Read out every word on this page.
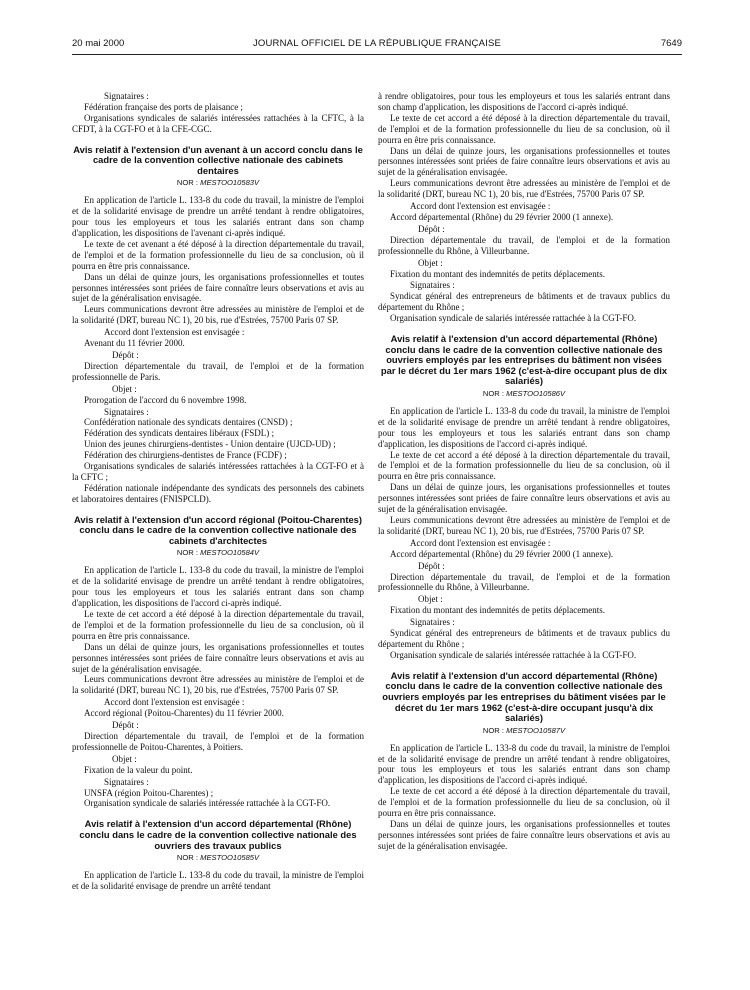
20 mai 2000	JOURNAL OFFICIEL DE LA RÉPUBLIQUE FRANÇAISE	7649
Signataires :

Fédération française des ports de plaisance ;

Organisations syndicales de salariés intéressées rattachées à la CFTC, à la CFDT, à la CGT-FO et à la CFE-CGC.

Avis relatif à l'extension d'un avenant à un accord conclu dans le cadre de la convention collective nationale des cabinets dentaires
NOR : MESTOO10583V

En application de l'article L. 133-8 du code du travail, la ministre de l'emploi et de la solidarité envisage de prendre un arrêté tendant à rendre obligatoires, pour tous les employeurs et tous les salariés entrant dans son champ d'application, les dispositions de l'avenant ci-après indiqué.

Le texte de cet avenant a été déposé à la direction départementale du travail, de l'emploi et de la formation professionnelle du lieu de sa conclusion, où il pourra en être pris connaissance.

Dans un délai de quinze jours, les organisations professionnelles et toutes personnes intéressées sont priées de faire connaître leurs observations et avis au sujet de la généralisation envisagée.

Leurs communications devront être adressées au ministère de l'emploi et de la solidarité (DRT, bureau NC 1), 20 bis, rue d'Estrées, 75700 Paris 07 SP.

Accord dont l'extension est envisagée :

Avenant du 11 février 2000.

Dépôt :

Direction départementale du travail, de l'emploi et de la formation professionnelle de Paris.

Objet :

Prorogation de l'accord du 6 novembre 1998.

Signataires :

Confédération nationale des syndicats dentaires (CNSD) ;

Fédération des syndicats dentaires libéraux (FSDL) ;

Union des jeunes chirurgiens-dentistes - Union dentaire (UJCD-UD) ;

Fédération des chirurgiens-dentistes de France (FCDF) ;

Organisations syndicales de salariés intéressées rattachées à la CGT-FO et à la CFTC ;

Fédération nationale indépendante des syndicats des personnels des cabinets et laboratoires dentaires (FNISPCLD).

Avis relatif à l'extension d'un accord régional (Poitou-Charentes) conclu dans le cadre de la convention collective nationale des cabinets d'architectes
NOR : MESTOO10584V

En application de l'article L. 133-8 du code du travail, la ministre de l'emploi et de la solidarité envisage de prendre un arrêté tendant à rendre obligatoires, pour tous les employeurs et tous les salariés entrant dans son champ d'application, les dispositions de l'accord ci-après indiqué.

Le texte de cet accord a été déposé à la direction départementale du travail, de l'emploi et de la formation professionnelle du lieu de sa conclusion, où il pourra en être pris connaissance.

Dans un délai de quinze jours, les organisations professionnelles et toutes personnes intéressées sont priées de faire connaître leurs observations et avis au sujet de la généralisation envisagée.

Leurs communications devront être adressées au ministère de l'emploi et de la solidarité (DRT, bureau NC 1), 20 bis, rue d'Estrées, 75700 Paris 07 SP.

Accord dont l'extension est envisagée :

Accord régional (Poitou-Charentes) du 11 février 2000.

Dépôt :

Direction départementale du travail, de l'emploi et de la formation professionnelle de Poitou-Charentes, à Poitiers.

Objet :

Fixation de la valeur du point.

Signataires :

UNSFA (région Poitou-Charentes) ;

Organisation syndicale de salariés intéressée rattachée à la CGT-FO.

Avis relatif à l'extension d'un accord départemental (Rhône) conclu dans le cadre de la convention collective nationale des ouvriers des travaux publics
NOR : MESTOO10585V

En application de l'article L. 133-8 du code du travail, la ministre de l'emploi et de la solidarité envisage de prendre un arrêté tendant

à rendre obligatoires, pour tous les employeurs et tous les salariés entrant dans son champ d'application, les dispositions de l'accord ci-après indiqué.

Le texte de cet accord a été déposé à la direction départementale du travail, de l'emploi et de la formation professionnelle du lieu de sa conclusion, où il pourra en être pris connaissance.

Dans un délai de quinze jours, les organisations professionnelles et toutes personnes intéressées sont priées de faire connaître leurs observations et avis au sujet de la généralisation envisagée.

Leurs communications devront être adressées au ministère de l'emploi et de la solidarité (DRT, bureau NC 1), 20 bis, rue d'Estrées, 75700 Paris 07 SP.

Accord dont l'extension est envisagée :

Accord départemental (Rhône) du 29 février 2000 (1 annexe).

Dépôt :

Direction départementale du travail, de l'emploi et de la formation professionnelle du Rhône, à Villeurbanne.

Objet :

Fixation du montant des indemnités de petits déplacements.

Signataires :

Syndicat général des entrepreneurs de bâtiments et de travaux publics du département du Rhône ;

Organisation syndicale de salariés intéressée rattachée à la CGT-FO.

Avis relatif à l'extension d'un accord départemental (Rhône) conclu dans le cadre de la convention collective nationale des ouvriers employés par les entreprises du bâtiment non visées par le décret du 1er mars 1962 (c'est-à-dire occupant plus de dix salariés)
NOR : MESTOO10586V

En application de l'article L. 133-8 du code du travail, la ministre de l'emploi et de la solidarité envisage de prendre un arrêté tendant à rendre obligatoires, pour tous les employeurs et tous les salariés entrant dans son champ d'application, les dispositions de l'accord ci-après indiqué.

Le texte de cet accord a été déposé à la direction départementale du travail, de l'emploi et de la formation professionnelle du lieu de sa conclusion, où il pourra en être pris connaissance.

Dans un délai de quinze jours, les organisations professionnelles et toutes personnes intéressées sont priées de faire connaître leurs observations et avis au sujet de la généralisation envisagée.

Leurs communications devront être adressées au ministère de l'emploi et de la solidarité (DRT, bureau NC 1), 20 bis, rue d'Estrées, 75700 Paris 07 SP.

Accord dont l'extension est envisagée :

Accord départemental (Rhône) du 29 février 2000 (1 annexe).

Dépôt :

Direction départementale du travail, de l'emploi et de la formation professionnelle du Rhône, à Villeurbanne.

Objet :

Fixation du montant des indemnités de petits déplacements.

Signataires :

Syndicat général des entrepreneurs de bâtiments et de travaux publics du département du Rhône ;

Organisation syndicale de salariés intéressée rattachée à la CGT-FO.

Avis relatif à l'extension d'un accord départemental (Rhône) conclu dans le cadre de la convention collective nationale des ouvriers employés par les entreprises du bâtiment visées par le décret du 1er mars 1962 (c'est-à-dire occupant jusqu'à dix salariés)
NOR : MESTOO10587V

En application de l'article L. 133-8 du code du travail, la ministre de l'emploi et de la solidarité envisage de prendre un arrêté tendant à rendre obligatoires, pour tous les employeurs et tous les salariés entrant dans son champ d'application, les dispositions de l'accord ci-après indiqué.

Le texte de cet accord a été déposé à la direction départementale du travail, de l'emploi et de la formation professionnelle du lieu de sa conclusion, où il pourra en être pris connaissance.

Dans un délai de quinze jours, les organisations professionnelles et toutes personnes intéressées sont priées de faire connaître leurs observations et avis au sujet de la généralisation envisagée.
